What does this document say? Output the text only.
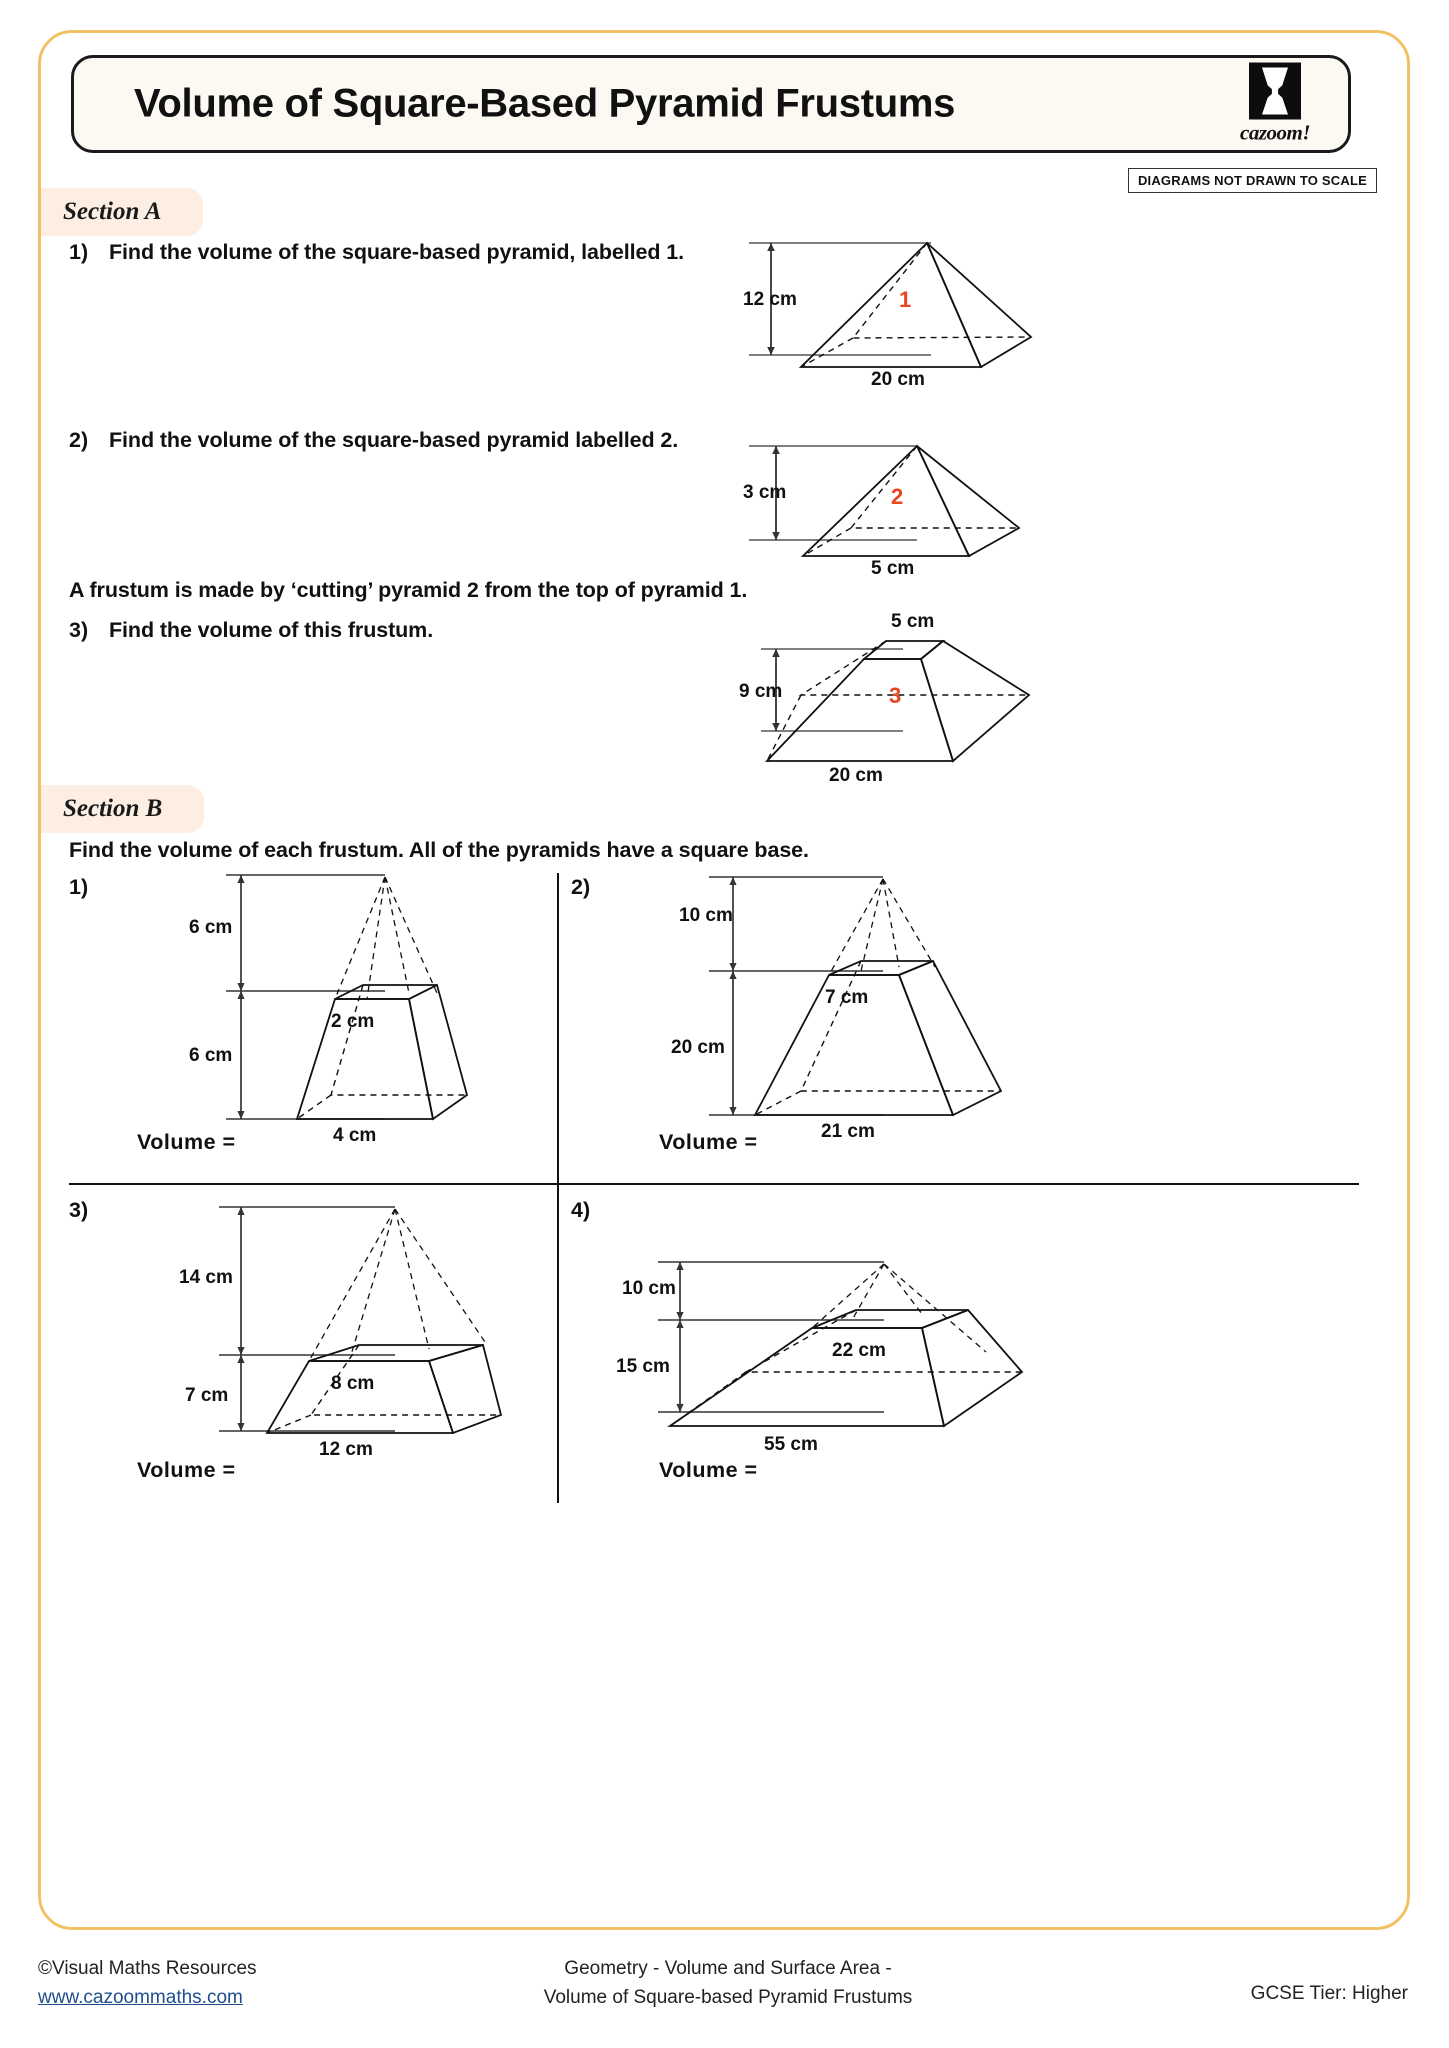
Volume of Square-Based Pyramid Frustums
cazoom!
DIAGRAMS NOT DRAWN TO SCALE
Section A
1) Find the volume of the square-based pyramid, labelled 1.
12 cm	1
20 cm
2) Find the volume of the square-based pyramid labelled 2.
3 cm	2
5 cm
A frustum is made by ‘cutting’ pyramid 2 from the top of pyramid 1.
3) Find the volume of this frustum.	5 cm
9 cm	3
20 cm
Section B
Find the volume of each frustum. All of the pyramids have a square base.
1)
6 cm
6 cm
2 cm
4 cm
Volume =
2)
10 cm
20 cm
7 cm
21 cm
Volume =
3)
14 cm
7 cm
8 cm
12 cm
Volume =
4)
10 cm
15 cm
22 cm
55 cm
Volume =
©Visual Maths Resources
www.cazoommaths.com
Geometry - Volume and Surface Area -
Volume of Square-based Pyramid Frustums	GCSE Tier: Higher
